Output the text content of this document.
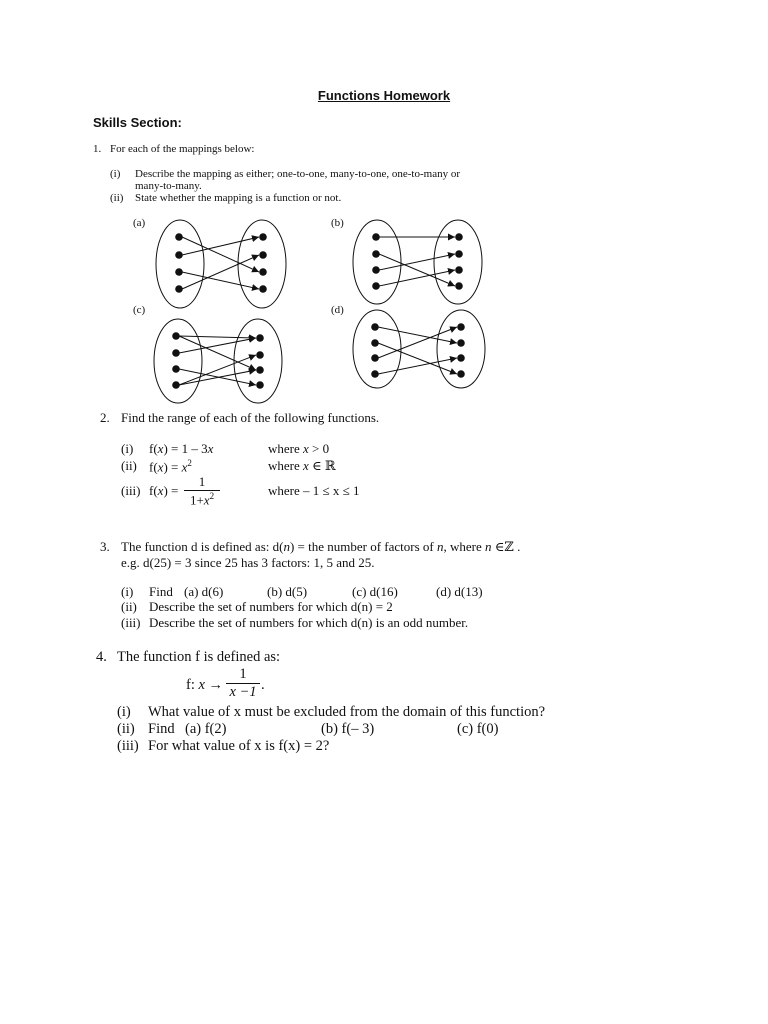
Functions Homework
Skills Section:
1. For each of the mappings below:
(i) Describe the mapping as either; one-to-one, many-to-one, one-to-many or
many-to-many.
(ii) State whether the mapping is a function or not.
(a)	(b)
(c)	(d)
2. Find the range of each of the following functions.
(i) f(x) = 1 – 3x	where x > 0
(ii) $f(x) = x^2$	where x ∈ ℝ
(iii) $f(x) = \frac{1}{1+x^2}$	where – 1 ≤ x ≤ 1
3. The function d is defined as: d(n) = the number of factors of n, where n ∈ℤ .
e.g. d(25) = 3 since 25 has 3 factors: 1, 5 and 25.
(i) Find (a) d(6)	(b) d(5)	(c) d(16)	(d) d(13)
(ii) Describe the set of numbers for which d(n) = 2
(iii) Describe the set of numbers for which d(n) is an odd number.
4. The function f is defined as:
f: $x \to \frac{1}{x -1}$ .
(i) What value of x must be excluded from the domain of this function?
(ii) Find (a) f(2)	(b) f(– 3)	(c) f(0)
(iii) For what value of x is f(x) = 2?
